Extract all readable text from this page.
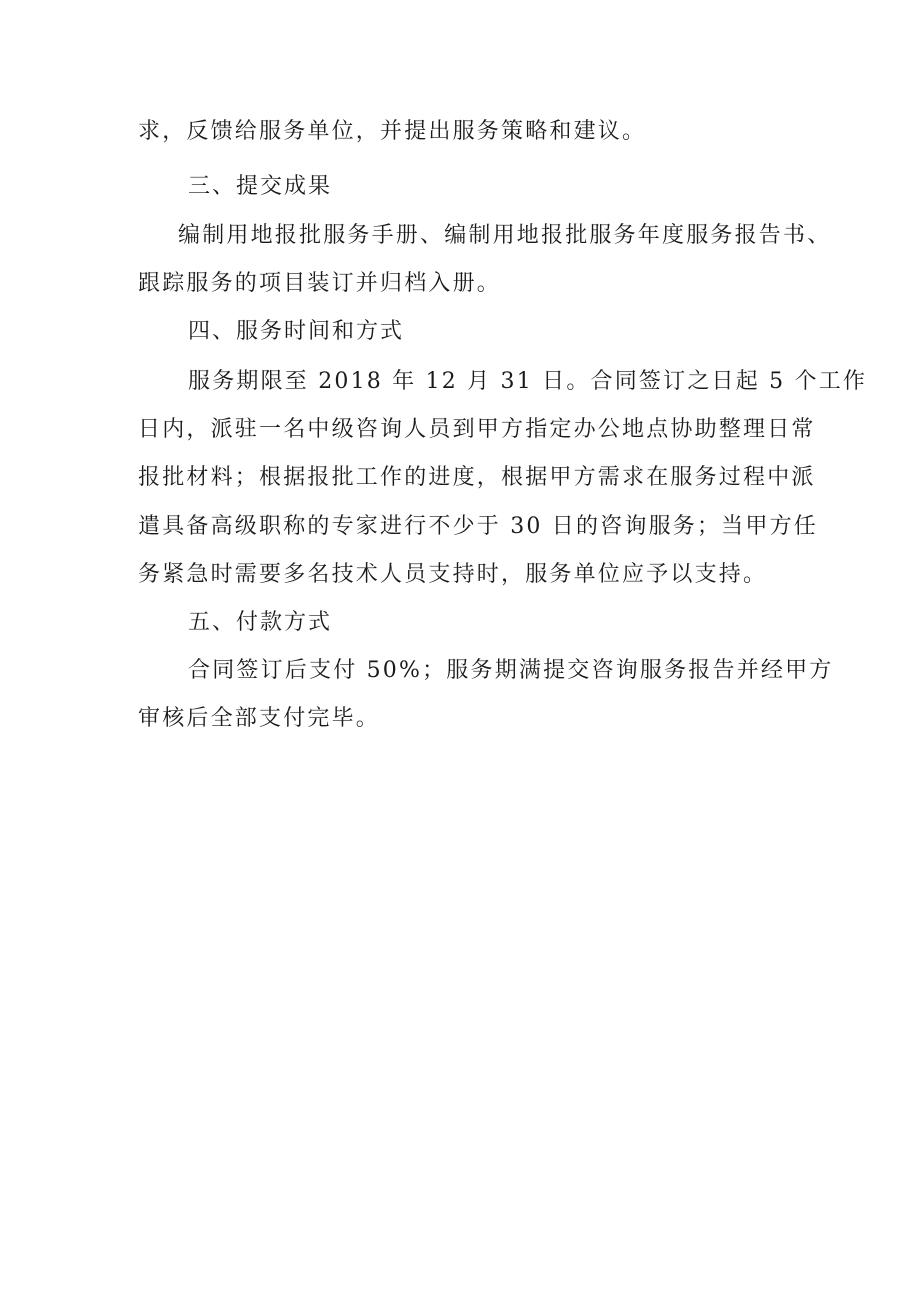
求，反馈给服务单位，并提出服务策略和建议。
三、提交成果
编制用地报批服务手册、编制用地报批服务年度服务报告书、
跟踪服务的项目装订并归档入册。
四、服务时间和方式
服务期限至 2018 年 12 月 31 日。合同签订之日起 5 个工作
日内，派驻一名中级咨询人员到甲方指定办公地点协助整理日常
报批材料；根据报批工作的进度，根据甲方需求在服务过程中派
遣具备高级职称的专家进行不少于 30 日的咨询服务；当甲方任
务紧急时需要多名技术人员支持时，服务单位应予以支持。
五、付款方式
合同签订后支付 50%；服务期满提交咨询服务报告并经甲方
审核后全部支付完毕。
